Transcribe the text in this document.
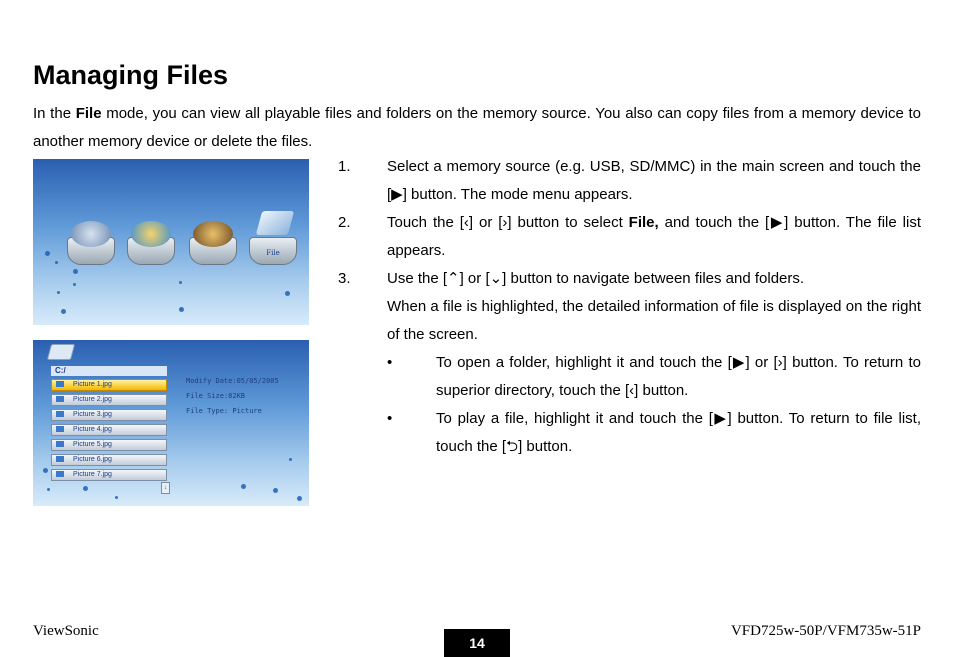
Managing Files

In the File mode, you can view all playable files and folders on the memory source. You also can copy files from a memory device to another memory device or delete the files.

File
C:/
Picture 1.jpg
Picture 2.jpg
Picture 3.jpg
Picture 4.jpg
Picture 5.jpg
Picture 6.jpg
Picture 7.jpg
Modify Date:05/05/2005
File Size:82KB
File Type: Picture
↓
1. Select a memory source (e.g. USB, SD/MMC) in the main screen and touch the [▶] button. The mode menu appears.
2. Touch the [‹] or [›] button to select File, and touch the [▶] button. The file list appears.
3. Use the [⌃] or [⌄] button to navigate between files and folders.
When a file is highlighted, the detailed information of file is displayed on the right of the screen.
•	To open a folder, highlight it and touch the [▶] or [›] button. To return to superior directory, touch the [‹] button.
•	To play a file, highlight it and touch the [▶] button. To return to file list, touch the [⮌] button.
ViewSonic
14
VFD725w-50P/VFM735w-51P
